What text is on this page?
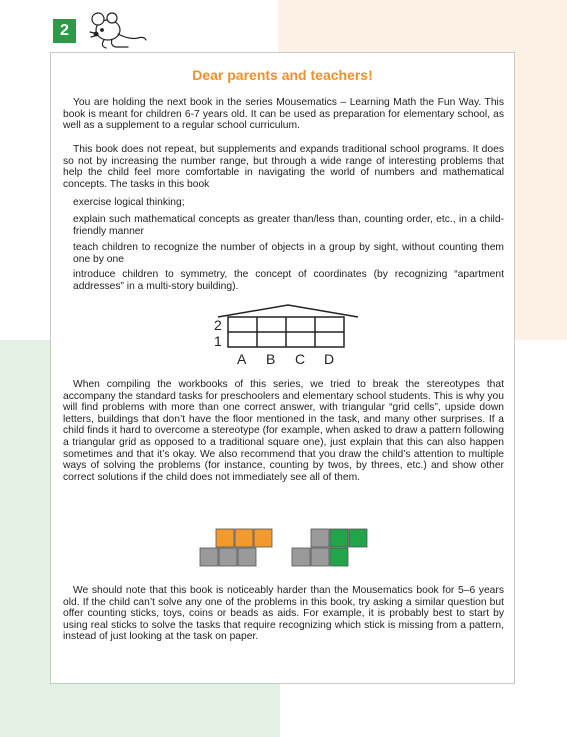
2
Dear parents and teachers!

You are holding the next book in the series Mousematics – Learning Math the Fun Way. This book is meant for children 6-7 years old. It can be used as preparation for elementary school, as well as a supplement to a regular school curriculum.

This book does not repeat, but supplements and expands traditional school programs. It does so not by increasing the number range, but through a wide range of interesting problems that help the child feel more comfortable in navigating the world of numbers and mathematical concepts. The tasks in this book

exercise logical thinking;

explain such mathematical concepts as greater than/less than, counting order, etc., in a child-friendly manner

teach children to recognize the number of objects in a group by sight, without counting them one by one

introduce children to symmetry, the concept of coordinates (by recognizing “apartment addresses” in a multi-story building).

2
1
A B C D

When compiling the workbooks of this series, we tried to break the stereotypes that accompany the standard tasks for preschoolers and elementary school students. This is why you will find problems with more than one correct answer, with triangular “grid cells”, upside down letters, buildings that don’t have the floor mentioned in the task, and many other surprises. If a child finds it hard to overcome a stereotype (for example, when asked to draw a pattern following a triangular grid as opposed to a traditional square one), just explain that this can also happen sometimes and that it’s okay. We also recommend that you draw the child’s attention to multiple ways of solving the problems (for instance, counting by twos, by threes, etc.) and show other correct solutions if the child does not immediately see all of them.

We should note that this book is noticeably harder than the Mousematics book for 5–6 years old. If the child can’t solve any one of the problems in this book, try asking a similar question but offer counting sticks, toys, coins or beads as aids. For example, it is probably best to start by using real sticks to solve the tasks that require recognizing which stick is missing from a pattern, instead of just looking at the task on paper.
